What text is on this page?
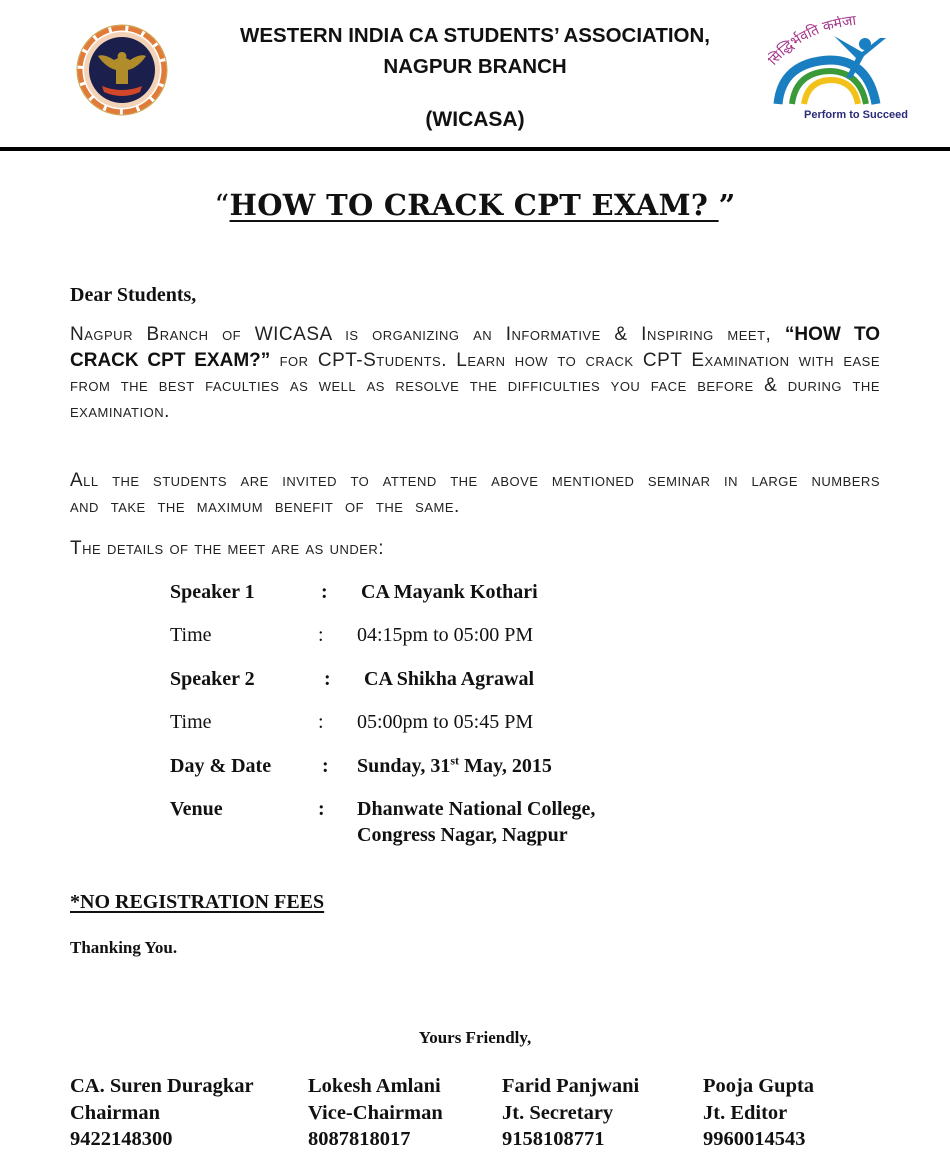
WESTERN INDIA CA STUDENTS’ ASSOCIATION,
NAGPUR BRANCH
(WICASA)
द्धिर्भवति कर्मजा
Perform to Succeed
“HOW TO CRACK CPT EXAM? ”
Dear Students,
Nagpur Branch of WICASA is organizing an Informative & Inspiring meet, “HOW TO CRACK CPT EXAM?” for CPT-Students. Learn how to crack CPT Examination with ease from the best faculties as well as resolve the difficulties you face before & during the examination.
All the students are invited to attend the above mentioned seminar in large numbers and take the maximum benefit of the same.
The details of the meet are as under:
Speaker 1	: CA Mayank Kothari
Time	: 04:15pm to 05:00 PM
Speaker 2	: CA Shikha Agrawal
Time	: 05:00pm to 05:45 PM
Day & Date	: Sunday, 31st May, 2015
Venue	: Dhanwate National College,
Congress Nagar, Nagpur
*NO REGISTRATION FEES
Thanking You.
Yours Friendly,
CA. Suren Duragkar
Chairman
9422148300
Lokesh Amlani
Vice-Chairman
8087818017
Farid Panjwani
Jt. Secretary
9158108771
Pooja Gupta
Jt. Editor
9960014543
